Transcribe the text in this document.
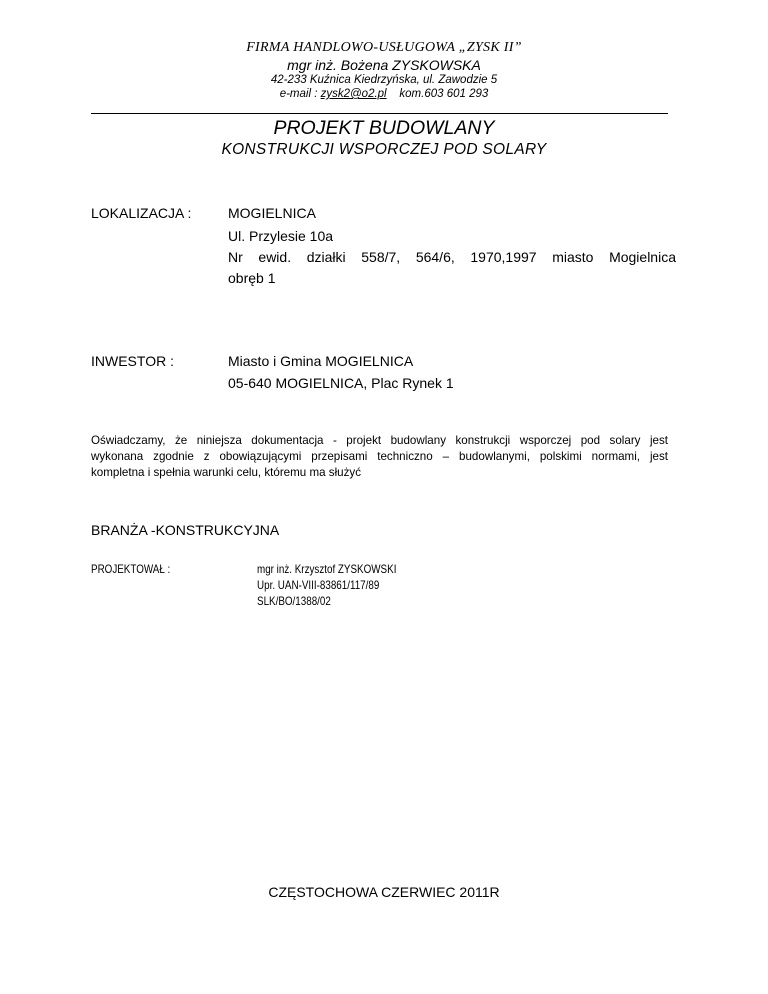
FIRMA HANDLOWO-USŁUGOWA „ZYSK II”
mgr inż. Bożena ZYSKOWSKA
42-233 Kuźnica Kiedrzyńska, ul. Zawodzie 5
e-mail : zysk2@o2.pl kom.603 601 293
PROJEKT BUDOWLANY
KONSTRUKCJI WSPORCZEJ POD SOLARY
LOKALIZACJA :	MOGIELNICA
Ul. Przylesie 10a
Nr ewid. działki 558/7, 564/6, 1970,1997 miasto Mogielnica
obręb 1
INWESTOR :	Miasto i Gmina MOGIELNICA
05-640 MOGIELNICA, Plac Rynek 1
Oświadczamy, że niniejsza dokumentacja - projekt budowlany konstrukcji wsporczej pod solary jest
wykonana zgodnie z obowiązującymi przepisami techniczno – budowlanymi, polskimi normami, jest
kompletna i spełnia warunki celu, któremu ma służyć
BRANŻA -KONSTRUKCYJNA
PROJEKTOWAŁ :	mgr inż. Krzysztof ZYSKOWSKI
Upr. UAN-VIII-83861/117/89
SLK/BO/1388/02
CZĘSTOCHOWA CZERWIEC 2011R
